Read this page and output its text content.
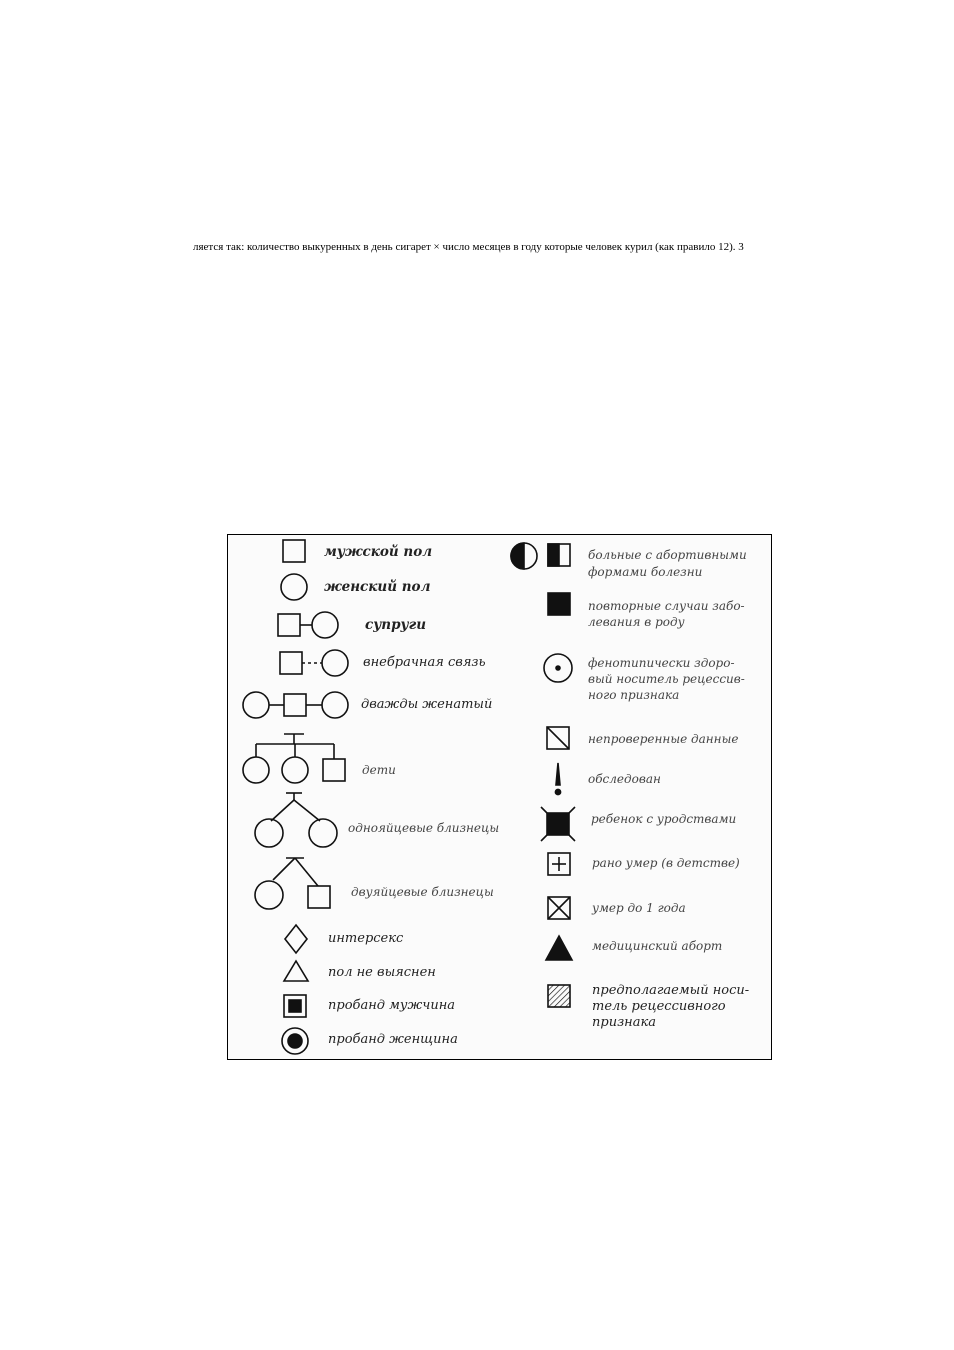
ляется так: количество выкуренных в день сигарет × число месяцев в году которые человек курил (как правило 12). 3
мужской пол
женский пол
супруги
внебрачная связь
дважды женатый
дети
однояйцевые близнецы
двуяйцевые близнецы
интерсекс
пол не выяснен
пробанд мужчина
пробанд женщина
больные с абортивными
формами болезни
повторные случаи забо-
левания в роду
фенотипически здоро-
вый носитель рецессив-
ного признака
непроверенные данные
обследован
ребенок с уродствами
рано умер (в детстве)
умер до 1 года
медицинский аборт
предполагаемый носи-
тель рецессивного
признака
